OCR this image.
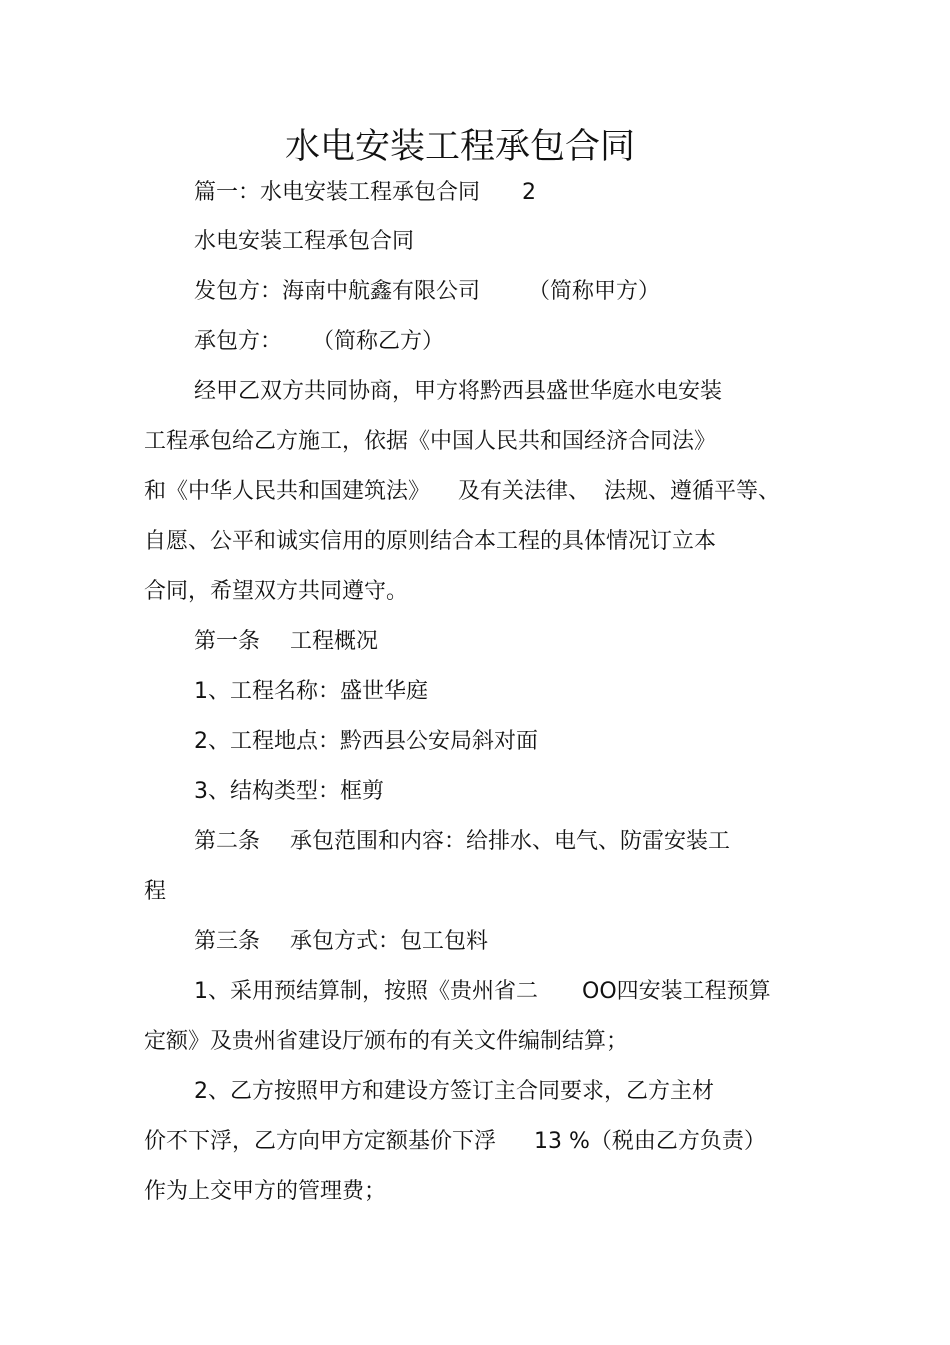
水电安装工程承包合同
篇一：水电安装工程承包合同 2
水电安装工程承包合同
发包方：海南中航鑫有限公司 （简称甲方）
承包方： （简称乙方）
经甲乙双方共同协商，甲方将黔西县盛世华庭水电安装
工程承包给乙方施工，依据《中国人民共和国经济合同法》
和《中华人民共和国建筑法》 及有关法律、 法规、遵循平等、
自愿、公平和诚实信用的原则结合本工程的具体情况订立本
合同，希望双方共同遵守。
第一条 工程概况
1、工程名称：盛世华庭
2、工程地点：黔西县公安局斜对面
3、结构类型：框剪
第二条 承包范围和内容：给排水、电气、防雷安装工
程
第三条 承包方式：包工包料
1、采用预结算制，按照《贵州省二 OO四安装工程预算
定额》及贵州省建设厅颁布的有关文件编制结算；
2、乙方按照甲方和建设方签订主合同要求，乙方主材
价不下浮，乙方向甲方定额基价下浮 13 %（税由乙方负责）
作为上交甲方的管理费；
